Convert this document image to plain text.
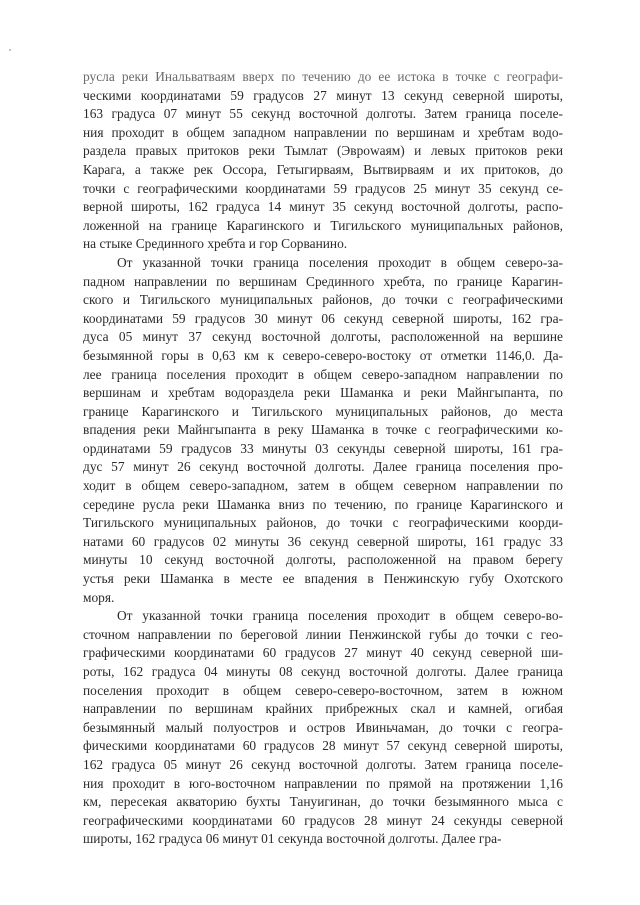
русла реки Инальватваям вверх по течению до ее истока в точке с географи-
ческими координатами 59 градусов 27 минут 13 секунд северной широты,
163 градуса 07 минут 55 секунд восточной долготы. Затем граница поселе-
ния проходит в общем западном направлении по вершинам и хребтам водо-
раздела правых притоков реки Тымлат (Эврowаям) и левых притоков реки
Карага, а также рек Оссора, Гетыгирваям, Вытвирваям и их притоков, до
точки с географическими координатами 59 градусов 25 минут 35 секунд се-
верной широты, 162 градуса 14 минут 35 секунд восточной долготы, распо-
ложенной на границе Карагинского и Тигильского муниципальных районов,
на стыке Срединного хребта и гор Сорванино.
От указанной точки граница поселения проходит в общем северо-за-
падном направлении по вершинам Срединного хребта, по границе Карагин-
ского и Тигильского муниципальных районов, до точки с географическими
координатами 59 градусов 30 минут 06 секунд северной широты, 162 гра-
дуса 05 минут 37 секунд восточной долготы, расположенной на вершине
безымянной горы в 0,63 км к северо-северо-востоку от отметки 1146,0. Да-
лее граница поселения проходит в общем северо-западном направлении по
вершинам и хребтам водораздела реки Шаманка и реки Майнгыпанта, по
границе Карагинского и Тигильского муниципальных районов, до места
впадения реки Майнгыпанта в реку Шаманка в точке с географическими ко-
ординатами 59 градусов 33 минуты 03 секунды северной широты, 161 гра-
дус 57 минут 26 секунд восточной долготы. Далее граница поселения про-
ходит в общем северо-западном, затем в общем северном направлении по
середине русла реки Шаманка вниз по течению, по границе Карагинского и
Тигильского муниципальных районов, до точки с географическими коорди-
натами 60 градусов 02 минуты 36 секунд северной широты, 161 градус 33
минуты 10 секунд восточной долготы, расположенной на правом берегу
устья реки Шаманка в месте ее впадения в Пенжинскую губу Охотского
моря.
От указанной точки граница поселения проходит в общем северо-во-
сточном направлении по береговой линии Пенжинской губы до точки с гео-
графическими координатами 60 градусов 27 минут 40 секунд северной ши-
роты, 162 градуса 04 минуты 08 секунд восточной долготы. Далее граница
поселения проходит в общем северо-северо-восточном, затем в южном
направлении по вершинам крайних прибрежных скал и камней, огибая
безымянный малый полуостров и остров Ивиньчаман, до точки с геогра-
фическими координатами 60 градусов 28 минут 57 секунд северной широты,
162 градуса 05 минут 26 секунд восточной долготы. Затем граница поселе-
ния проходит в юго-восточном направлении по прямой на протяжении 1,16
км, пересекая акваторию бухты Тануигинан, до точки безымянного мыса с
географическими координатами 60 градусов 28 минут 24 секунды северной
широты, 162 градуса 06 минут 01 секунда восточной долготы. Далее гра-
